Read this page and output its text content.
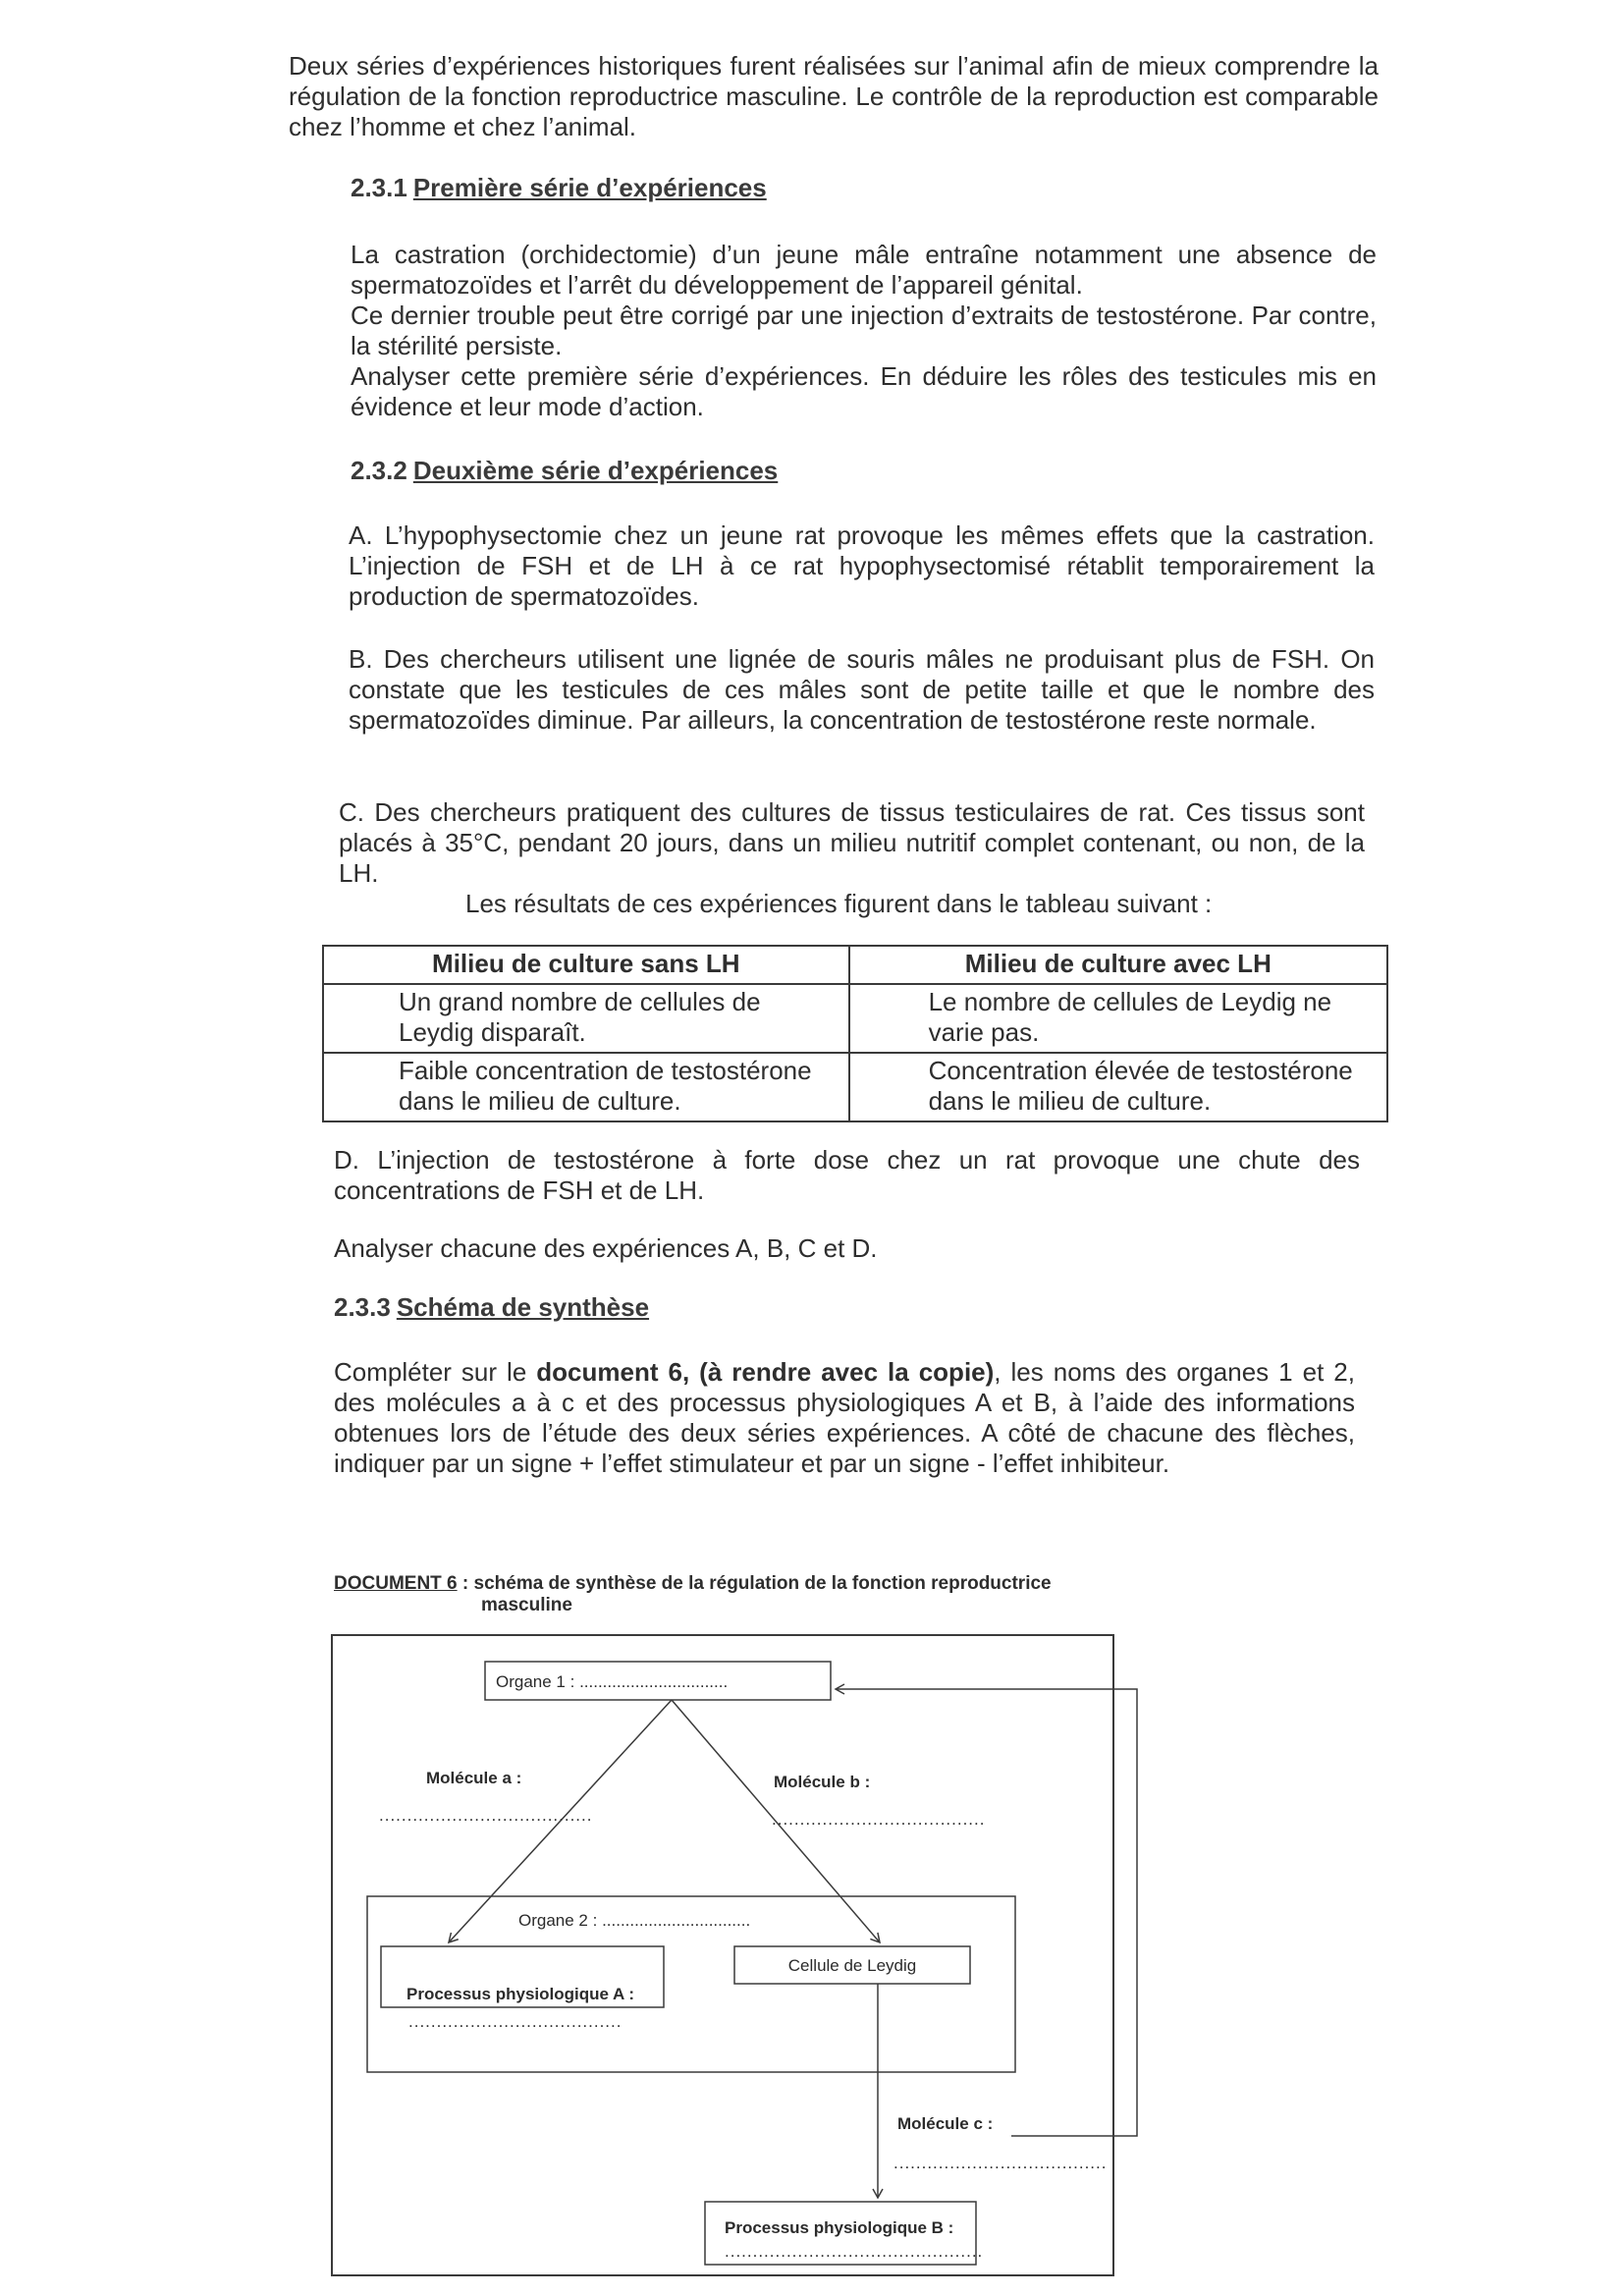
Deux séries d’expériences historiques furent réalisées sur l’animal afin de mieux comprendre la régulation de la fonction reproductrice masculine. Le contrôle de la reproduction est comparable chez l’homme et chez l’animal.

2.3.1 Première série d’expériences

La castration (orchidectomie) d’un jeune mâle entraîne notamment une absence de spermatozoïdes et l’arrêt du développement de l’appareil génital.

Ce dernier trouble peut être corrigé par une injection d’extraits de testostérone. Par contre, la stérilité persiste.

Analyser cette première série d’expériences. En déduire les rôles des testicules mis en évidence et leur mode d’action.

2.3.2 Deuxième série d’expériences

A. L’hypophysectomie chez un jeune rat provoque les mêmes effets que la castration. L’injection de FSH et de LH à ce rat hypophysectomisé rétablit temporairement la production de spermatozoïdes.

B. Des chercheurs utilisent une lignée de souris mâles ne produisant plus de FSH. On constate que les testicules de ces mâles sont de petite taille et que le nombre des spermatozoïdes diminue. Par ailleurs, la concentration de testostérone reste normale.

C. Des chercheurs pratiquent des cultures de tissus testiculaires de rat. Ces tissus sont placés à 35°C, pendant 20 jours, dans un milieu nutritif complet contenant, ou non, de la LH.

Les résultats de ces expériences figurent dans le tableau suivant :

Milieu de culture sans LH	Milieu de culture avec LH
Un grand nombre de cellules de Leydig disparaît.	Le nombre de cellules de Leydig ne varie pas.
Faible concentration de testostérone dans le milieu de culture.	Concentration élevée de testostérone dans le milieu de culture.

D. L’injection de testostérone à forte dose chez un rat provoque une chute des concentrations de FSH et de LH.

Analyser chacune des expériences A, B, C et D.

2.3.3 Schéma de synthèse

Compléter sur le document 6, (à rendre avec la copie), les noms des organes 1 et 2, des molécules a à c et des processus physiologiques A et B, à l’aide des informations obtenues lors de l’étude des deux séries expériences. A côté de chacune des flèches, indiquer par un signe + l’effet stimulateur et par un signe - l’effet inhibiteur.

DOCUMENT 6 : schéma de synthèse de la régulation de la fonction reproductrice
masculine
Organe 1 : ................................
Organe 2 : ................................
Molécule a :
......................................
Molécule b :
......................................
Molécule c :
......................................
Processus physiologique A :
......................................
Cellule de Leydig
Processus physiologique B :
..............................................
